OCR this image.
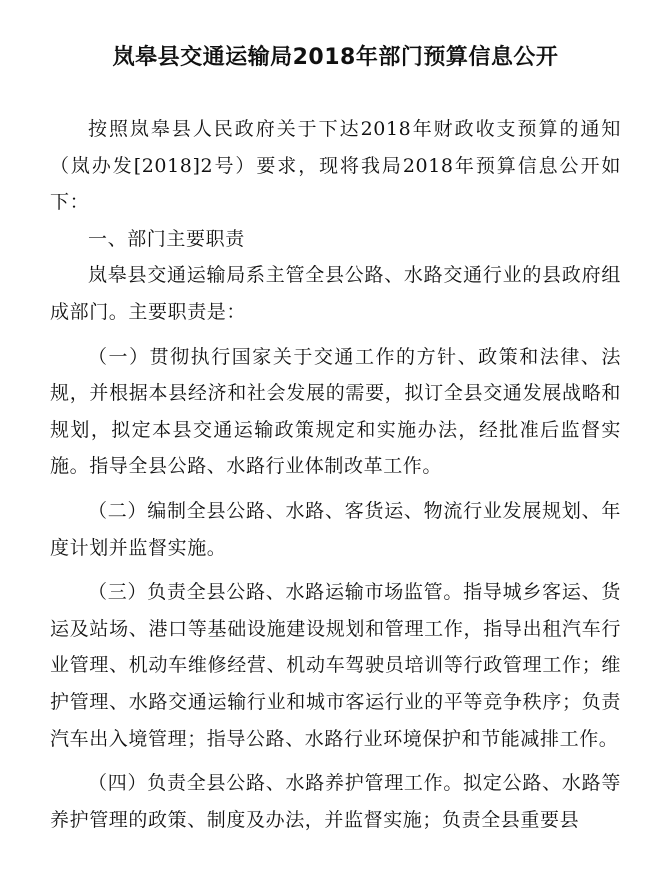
岚皋县交通运输局2018年部门预算信息公开

按照岚皋县人民政府关于下达2018年财政收支预算的通知（岚办发[2018]2号）要求，现将我局2018年预算信息公开如下：

一、部门主要职责

岚皋县交通运输局系主管全县公路、水路交通行业的县政府组成部门。主要职责是：

（一）贯彻执行国家关于交通工作的方针、政策和法律、法规，并根据本县经济和社会发展的需要，拟订全县交通发展战略和规划，拟定本县交通运输政策规定和实施办法，经批准后监督实施。指导全县公路、水路行业体制改革工作。

（二）编制全县公路、水路、客货运、物流行业发展规划、年度计划并监督实施。

（三）负责全县公路、水路运输市场监管。指导城乡客运、货运及站场、港口等基础设施建设规划和管理工作，指导出租汽车行业管理、机动车维修经营、机动车驾驶员培训等行政管理工作；维护管理、水路交通运输行业和城市客运行业的平等竞争秩序；负责汽车出入境管理；指导公路、水路行业环境保护和节能减排工作。

（四）负责全县公路、水路养护管理工作。拟定公路、水路等养护管理的政策、制度及办法，并监督实施；负责全县重要县
